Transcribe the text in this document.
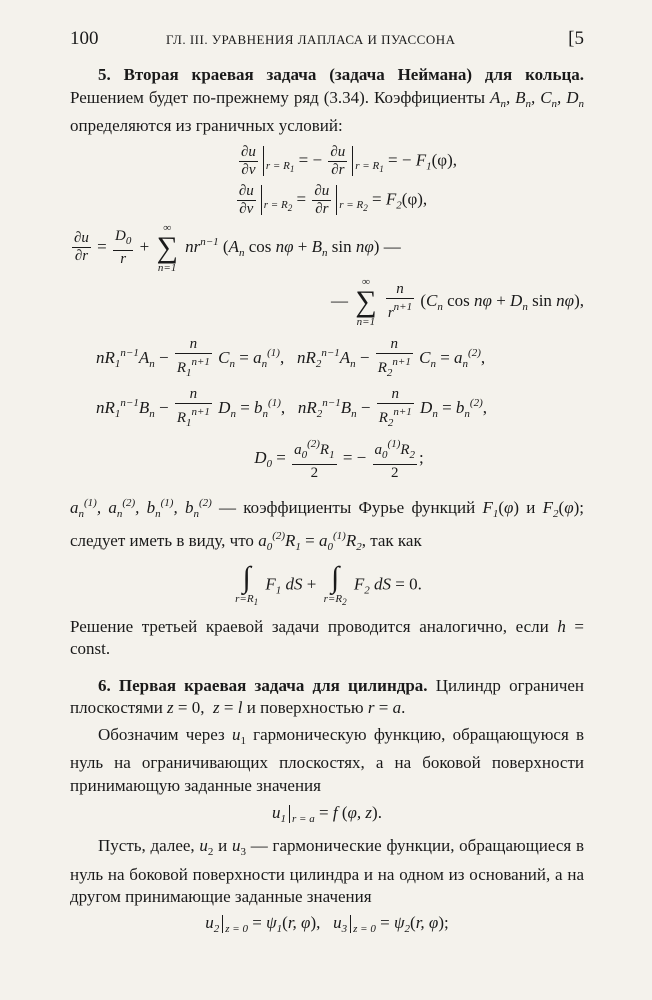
100	ГЛ. III. УРАВНЕНИЯ ЛАПЛАСА И ПУАССОНА	[5

5. Вторая краевая задача (задача Неймана) для кольца. Решением будет по-прежнему ряд (3.34). Коэффициенты $A_n$, $B_n$, $C_n$, $D_n$ определяются из граничных условий:

$\frac{\partial u}{\partial\nu} _{r = R_1}$ = − $\frac{\partial u}{\partial r} _{r = R_1}$ = − $F_1(\varphi)$,
$\frac{\partial u}{\partial\nu} _{r = R_2} = \frac{\partial u}{\partial r} _{r = R_2} = F_2(\varphi)$,
$\frac{\partial u}{\partial r} = \frac{D_0}{r}$ +
∞
∑
n=1
$nr^{n-1}$ ($A_n$ $\cos n\varphi + B_n$ sin nφ) —
—
∞
∑
n=1
$\frac{n}{r^{n+1}} (C_n$ $\cos n\varphi + D_n$ sin nφ),
$nR_1^{n-1}A_n - \frac{n}{R_1^{n+1}} C_n = a_n^{(1)}$,   $nR_2^{n-1}A_n - \frac{n}{R_2^{n+1}} C_n = a_n^{(2)}$,
$nR_1^{n-1}B_n - \frac{n}{R_1^{n+1}} D_n = b_n^{(1)}$,   $nR_2^{n-1}B_n - \frac{n}{R_2^{n+1}} D_n = b_n^{(2)}$,
$D_0 = \frac{a_0^{(2)}R_1}{2}$ = − $\frac{a_0^{(1)}R_2}{2}$ ;

$a_n^{(1)}$, $a_n^{(2)}$, $b_n^{(1)}$, $b_n^{(2)}$ — коэффициенты Фурье функций $F_1(\varphi)$ и $F_2(\varphi)$; следует иметь в виду, что $a_0^{(2)}R_1 = a_0^{(1)}R_2$, так как

∫
$r=R_1$
$F_1$ dS + ∫
$r=R_2$
$F_2$ dS = 0.

Решение третьей краевой задачи проводится аналогично, если h = const.

6. Первая краевая задача для цилиндра. Цилиндр ограничен плоскостями z = 0,  z = l и поверхностью r = a.

Обозначим через $u_1$ гармоническую функцию, обращающуюся в нуль на ограничивающих плоскостях, а на боковой поверхности принимающую заданные значения

$u_1$ $_{r = a}$ = f (φ, z).

Пусть, далее, $u_2$ и $u_3$ — гармонические функции, обращающиеся в нуль на боковой поверхности цилиндра и на одном из оснований, а на другом принимающие заданные значения

$u_2$ $_{z = 0} = \psi_1(r$, φ),   $u_3$ $_{z = 0} = \psi_2(r$, φ);
